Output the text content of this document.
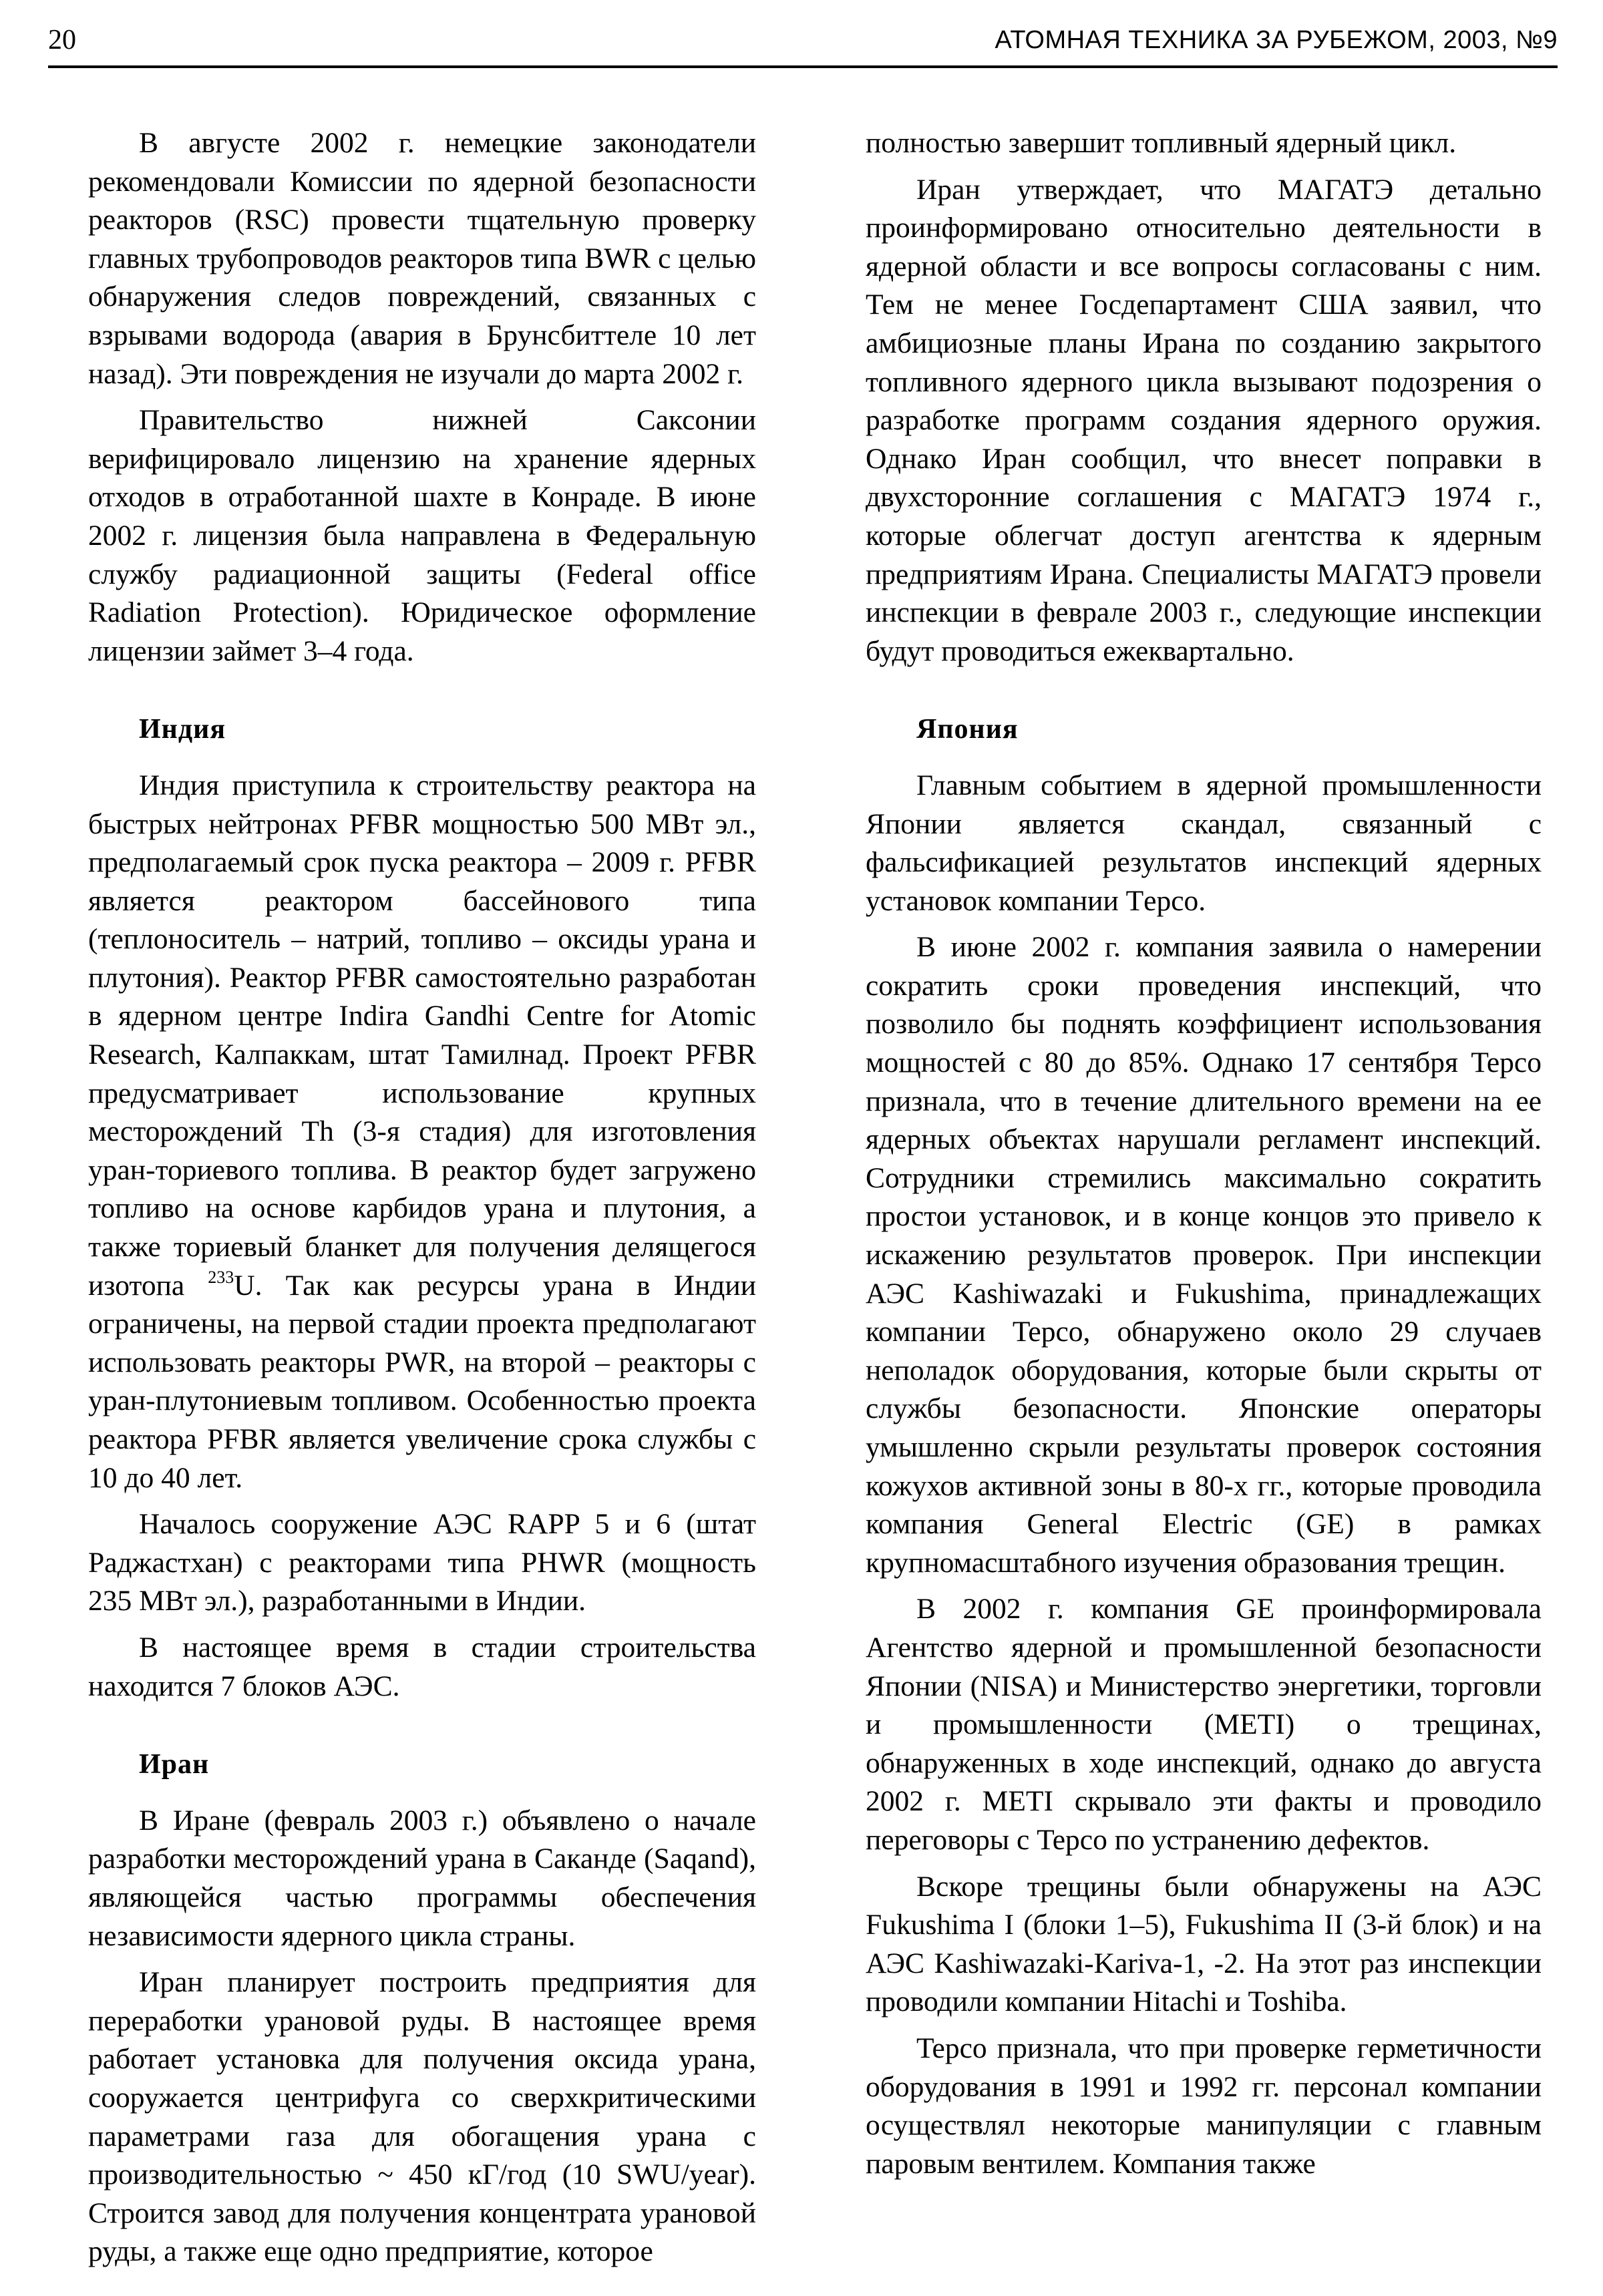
20	АТОМНАЯ ТЕХНИКА ЗА РУБЕЖОМ, 2003, №9

В августе 2002 г. немецкие законодатели рекомендовали Комиссии по ядерной безопасности реакторов (RSC) провести тщательную проверку главных трубопроводов реакторов типа BWR с целью обнаружения следов повреждений, связанных с взрывами водорода (авария в Брунсбиттеле 10 лет назад). Эти повреждения не изучали до марта 2002 г.

Правительство нижней Саксонии верифицировало лицензию на хранение ядерных отходов в отработанной шахте в Конраде. В июне 2002 г. лицензия была направлена в Федеральную службу радиационной защиты (Federal office Radiation Protection). Юридическое оформление лицензии займет 3–4 года.

Индия

Индия приступила к строительству реактора на быстрых нейтронах PFBR мощностью 500 МВт эл., предполагаемый срок пуска реактора – 2009 г. PFBR является реактором бассейнового типа (теплоноситель – натрий, топливо – оксиды урана и плутония). Реактор PFBR самостоятельно разработан в ядерном центре Indira Gandhi Centre for Atomic Research, Калпаккам, штат Тамилнад. Проект PFBR предусматривает использование крупных месторождений Th (3-я стадия) для изготовления уран-ториевого топлива. В реактор будет загружено топливо на основе карбидов урана и плутония, а также ториевый бланкет для получения делящегося изотопа $^{233}$U. Так как ресурсы урана в Индии ограничены, на первой стадии проекта предполагают использовать реакторы PWR, на второй – реакторы с уран-плутониевым топливом. Особенностью проекта реактора PFBR является увеличение срока службы с 10 до 40 лет.

Началось сооружение АЭС RAPP 5 и 6 (штат Раджастхан) с реакторами типа PHWR (мощность 235 МВт эл.), разработанными в Индии.

В настоящее время в стадии строительства находится 7 блоков АЭС.

Иран

В Иране (февраль 2003 г.) объявлено о начале разработки месторождений урана в Саканде (Saqand), являющейся частью программы обеспечения независимости ядерного цикла страны.

Иран планирует построить предприятия для переработки урановой руды. В настоящее время работает установка для получения оксида урана, сооружается центрифуга со сверхкритическими параметрами газа для обогащения урана с производительностью ~ 450 кГ/год (10 SWU/year). Строится завод для получения концентрата урановой руды, а также еще одно предприятие, которое

полностью завершит топливный ядерный цикл.

Иран утверждает, что МАГАТЭ детально проинформировано относительно деятельности в ядерной области и все вопросы согласованы с ним. Тем не менее Госдепартамент США заявил, что амбициозные планы Ирана по созданию закрытого топливного ядерного цикла вызывают подозрения о разработке программ создания ядерного оружия. Однако Иран сообщил, что внесет поправки в двухсторонние соглашения с МАГАТЭ 1974 г., которые облегчат доступ агентства к ядерным предприятиям Ирана. Специалисты МАГАТЭ провели инспекции в феврале 2003 г., следующие инспекции будут проводиться ежеквартально.

Япония

Главным событием в ядерной промышленности Японии является скандал, связанный с фальсификацией результатов инспекций ядерных установок компании Тepco.

В июне 2002 г. компания заявила о намерении сократить сроки проведения инспекций, что позволило бы поднять коэффициент использования мощностей с 80 до 85%. Однако 17 сентября Tepco признала, что в течение длительного времени на ее ядерных объектах нарушали регламент инспекций. Сотрудники стремились максимально сократить простои установок, и в конце концов это привело к искажению результатов проверок. При инспекции АЭС Kashiwazaki и Fukushima, принадлежащих компании Tepco, обнаружено около 29 случаев неполадок оборудования, которые были скрыты от службы безопасности. Японские операторы умышленно скрыли результаты проверок состояния кожухов активной зоны в 80-х гг., которые проводила компания General Electric (GE) в рамках крупномасштабного изучения образования трещин.

В 2002 г. компания GE проинформировала Агентство ядерной и промышленной безопасности Японии (NISA) и Министерство энергетики, торговли и промышленности (METI) о трещинах, обнаруженных в ходе инспекций, однако до августа 2002 г. METI скрывало эти факты и проводило переговоры с Tepco по устранению дефектов.

Вскоре трещины были обнаружены на АЭС Fukushima I (блоки 1–5), Fukushima II (3-й блок) и на АЭС Kashiwazaki-Kariva-1, -2. На этот раз инспекции проводили компании Hitachi и Toshiba.

Tepco признала, что при проверке герметичности оборудования в 1991 и 1992 гг. персонал компании осуществлял некоторые манипуляции с главным паровым вентилем. Компания также
